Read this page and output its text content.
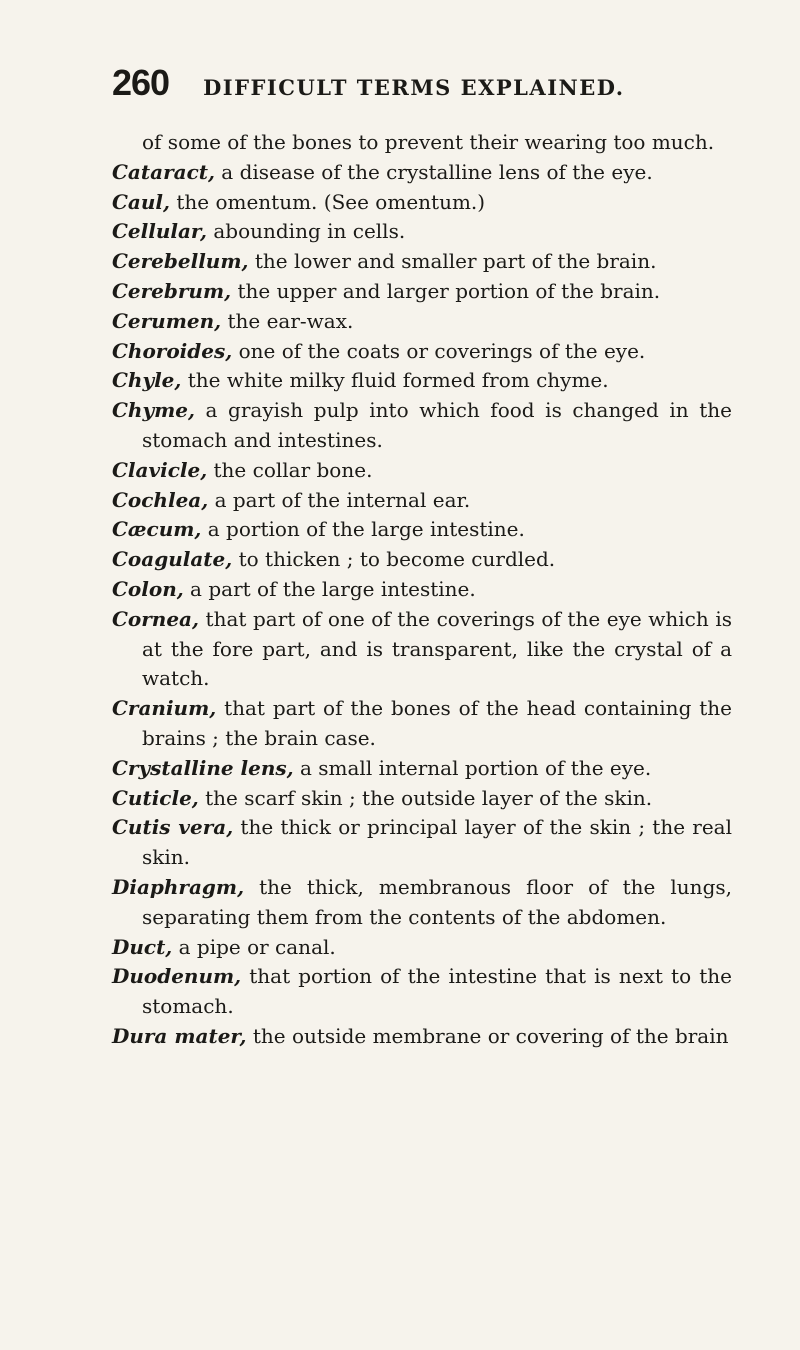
260 DIFFICULT TERMS EXPLAINED.

of some of the bones to prevent their wearing too much.

Cataract, a disease of the crystalline lens of the eye.

Caul, the omentum. (See omentum.)

Cellular, abounding in cells.

Cerebellum, the lower and smaller part of the brain.

Cerebrum, the upper and larger portion of the brain.

Cerumen, the ear-wax.

Choroides, one of the coats or coverings of the eye.

Chyle, the white milky fluid formed from chyme.

Chyme, a grayish pulp into which food is changed in the stomach and intestines.

Clavicle, the collar bone.

Cochlea, a part of the internal ear.

Cæcum, a portion of the large intestine.

Coagulate, to thicken ; to become curdled.

Colon, a part of the large intestine.

Cornea, that part of one of the coverings of the eye which is at the fore part, and is transparent, like the crystal of a watch.

Cranium, that part of the bones of the head containing the brains ; the brain case.

Crystalline lens, a small internal portion of the eye.

Cuticle, the scarf skin ; the outside layer of the skin.

Cutis vera, the thick or principal layer of the skin ; the real skin.

Diaphragm, the thick, membranous floor of the lungs, separating them from the contents of the abdomen.

Duct, a pipe or canal.

Duodenum, that portion of the intestine that is next to the stomach.

Dura mater, the outside membrane or covering of the brain
